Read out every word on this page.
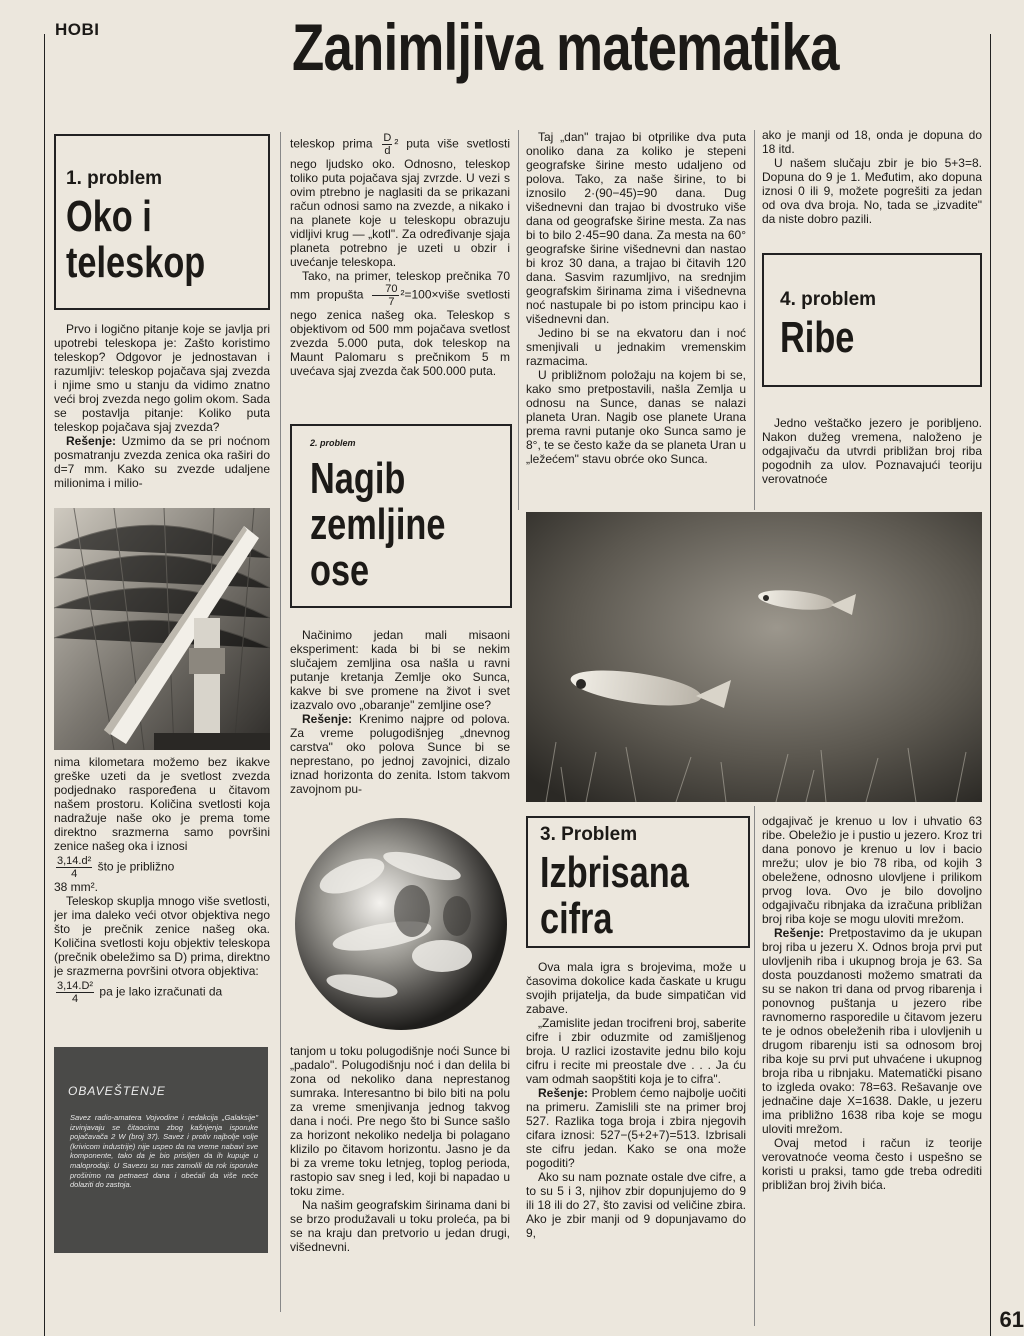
HOBI	Zanimljiva matematika
1. problem
Oko i
teleskop

Prvo i logično pitanje koje se javlja pri upotrebi teleskopa je: Zašto koristimo teleskop? Odgovor je jednostavan i razumljiv: teleskop pojačava sjaj zvezda i njime smo u stanju da vidimo znatno veći broj zvezda nego golim okom. Sada se postavlja pitanje: Koliko puta teleskop pojačava sjaj zvezda?

Rešenje: Uzmimo da se pri noćnom posmatranju zvezda zenica oka raširi do d=7 mm. Kako su zvezde udaljene milionima i milio-

nima kilometara možemo bez ikakve greške uzeti da je svetlost zvezda podjednako raspoređena u čitavom našem prostoru. Količina svetlosti koja nadražuje naše oko je prema tome direktno srazmerna samo površini zenice našeg oka i iznosi

$\frac{\text{3,14.d²}}{4}$ što je približno

38 mm².

Teleskop skuplja mnogo više svetlosti, jer ima daleko veći otvor objektiva nego što je prečnik zenice našeg oka. Količina svetlosti koju objektiv teleskopa (prečnik obeležimo sa D) prima, direktno je srazmerna površini otvora objektiva:

$\frac{\text{3,14.D²}}{4}$ pa je lako izračunati da

OBAVEŠTENJE
Savez radio-amatera Vojvodine i redakcija „Galaksije" izvinjavaju se čitaocima zbog kašnjenja isporuke pojačavača 2 W (broj 37). Savez i protiv najbolje volje (krivicom industrije) nije uspeo da na vreme nabavi sve komponente, tako da je bio prisiljen da ih kupuje u maloprodaji. U Savezu su nas zamolili da rok isporuke proširimo na petnaest dana i obećali da više neće dolaziti do zastoja.

teleskop prima $\frac{D}{d} ^2$ puta više svetlosti nego ljudsko oko. Odnosno, teleskop toliko puta pojačava sjaj zvrzde. U vezi s ovim ptrebno je naglasiti da se prikazani račun odnosi samo na zvezde, a nikako i na planete koje u teleskopu obrazuju vidljivi krug — „kotl". Za određivanje sjaja planeta potrebno je uzeti u obzir i uvećanje teleskopa.

Tako, na primer, teleskop prečnika 70 mm propušta $\frac{70}{7}$ ²=100×više svetlosti nego zenica našeg oka. Teleskop s objektivom od 500 mm pojačava svetlost zvezda 5.000 puta, dok teleskop na Maunt Palomaru s prečnikom 5 m uvećava sjaj zvezda čak 500.000 puta.

2. problem
Nagib
zemljine
ose

Načinimo jedan mali misaoni eksperiment: kada bi bi se nekim slučajem zemljina osa našla u ravni putanje kretanja Zemlje oko Sunca, kakve bi sve promene na život i svet izazvalo ovo „obaranje" zemljine ose?

Rešenje: Krenimo najpre od polova. Za vreme polugodišnjeg „dnevnog carstva" oko polova Sunce bi se neprestano, po jednoj zavojnici, dizalo iznad horizonta do zenita. Istom takvom zavojnom pu-

tanjom u toku polugodišnje noći Sunce bi „padalo". Polugodišnju noć i dan delila bi zona od nekoliko dana neprestanog sumraka. Interesantno bi bilo biti na polu za vreme smenjivanja jednog takvog dana i noći. Pre nego što bi Sunce sašlo za horizont nekoliko nedelja bi polagano klizilo po čitavom horizontu. Jasno je da bi za vreme toku letnjeg, toplog perioda, rastopio sav sneg i led, koji bi napadao u toku zime.

Na našim geografskim širinama dani bi se brzo produžavali u toku proleća, pa bi se na kraju dan pretvorio u jedan drugi, višednevni.

Taj „dan" trajao bi otprilike dva puta onoliko dana za koliko je stepeni geografske širine mesto udaljeno od polova. Tako, za naše širine, to bi iznosilo 2·(90−45)=90 dana. Dug višednevni dan trajao bi dvostruko više dana od geografske širine mesta. Za nas bi to bilo 2·45=90 dana. Za mesta na 60° geografske širine višednevni dan nastao bi kroz 30 dana, a trajao bi čitavih 120 dana. Sasvim razumljivo, na srednjim geografskim širinama zima i višednevna noć nastupale bi po istom principu kao i višednevni dan.

Jedino bi se na ekvatoru dan i noć smenjivali u jednakim vremenskim razmacima.

U približnom položaju na kojem bi se, kako smo pretpostavili, našla Zemlja u odnosu na Sunce, danas se nalazi planeta Uran. Nagib ose planete Urana prema ravni putanje oko Sunca samo je 8°, te se često kaže da se planeta Uran u „ležećem" stavu obrće oko Sunca.

ako je manji od 18, onda je dopuna do 18 itd.

U našem slučaju zbir je bio 5+3=8. Dopuna do 9 je 1. Međutim, ako dopuna iznosi 0 ili 9, možete pogrešiti za jedan od ova dva broja. No, tada se „izvadite" da niste dobro pazili.

4. problem
Ribe

Jedno veštačko jezero je poribljeno. Nakon dužeg vremena, naloženo je odgajivaču da utvrdi približan broj riba pogodnih za ulov. Poznavajući teoriju verovatnoće

3. Problem
Izbrisana
cifra

Ova mala igra s brojevima, može u časovima dokolice kada časkate u krugu svojih prijatelja, da bude simpatičan vid zabave.

„Zamislite jedan trocifreni broj, saberite cifre i zbir oduzmite od zamišljenog broja. U razlici izostavite jednu bilo koju cifru i recite mi preostale dve . . . Ja ću vam odmah saopštiti koja je to cifra".

Rešenje: Problem ćemo najbolje uočiti na primeru. Zamislili ste na primer broj 527. Razlika toga broja i zbira njegovih cifara iznosi: 527−(5+2+7)=513. Izbrisali ste cifru jedan. Kako se ona može pogoditi?

Ako su nam poznate ostale dve cifre, a to su 5 i 3, njihov zbir dopunjujemo do 9 ili 18 ili do 27, što zavisi od veličine zbira. Ako je zbir manji od 9 dopunjavamo do 9,

odgajivač je krenuo u lov i uhvatio 63 ribe. Obeležio je i pustio u jezero. Kroz tri dana ponovo je krenuo u lov i bacio mrežu; ulov je bio 78 riba, od kojih 3 obeležene, odnosno ulovljene i prilikom prvog lova. Ovo je bilo dovoljno odgajivaču ribnjaka da izračuna približan broj riba koje se mogu uloviti mrežom.

Rešenje: Pretpostavimo da je ukupan broj riba u jezeru X. Odnos broja prvi put ulovljenih riba i ukupnog broja je 63. Sa dosta pouzdanosti možemo smatrati da su se nakon tri dana od prvog ribarenja i ponovnog puštanja u jezero ribe ravnomerno rasporedile u čitavom jezeru te je odnos obeleženih riba i ulovljenih u drugom ribarenju isti sa odnosom broj riba koje su prvi put uhvaćene i ukupnog broja riba u ribnjaku. Matematički pisano to izgleda ovako: 78=63. Rešavanje ove jednačine daje X=1638. Dakle, u jezeru ima približno 1638 riba koje se mogu uloviti mrežom.

Ovaj metod i račun iz teorije verovatnoće veoma često i uspešno se koristi u praksi, tamo gde treba odrediti približan broj živih bića.

61
